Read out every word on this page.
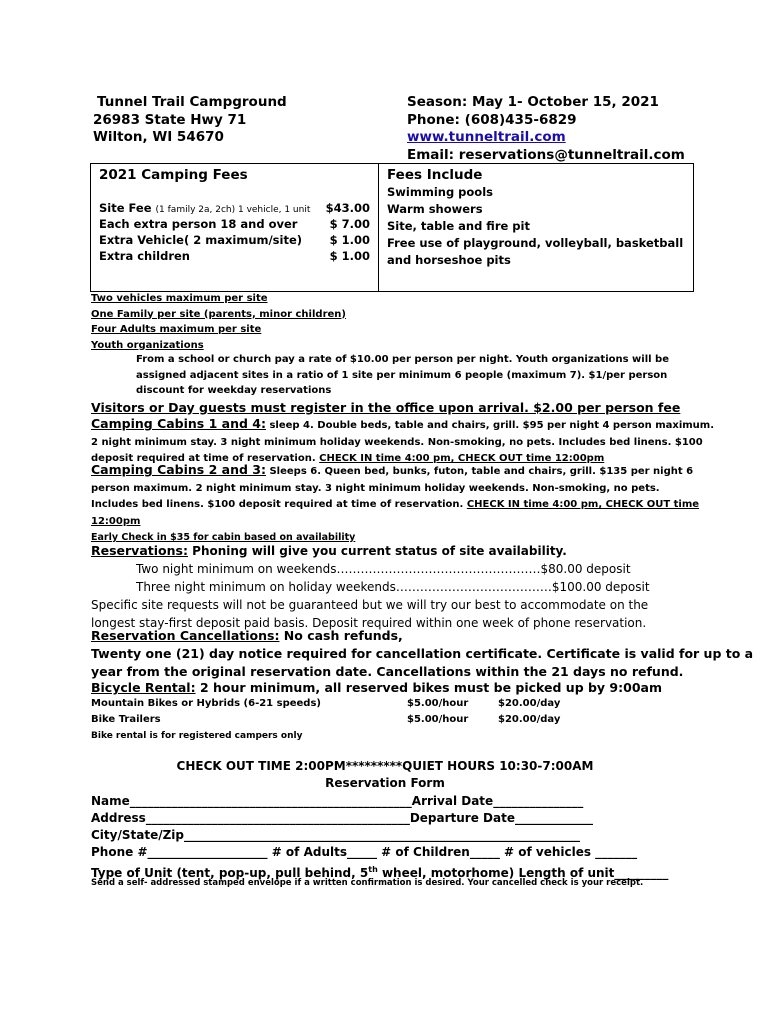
Tunnel Trail Campground
26983 State Hwy 71
Wilton, WI 54670
Season: May 1- October 15, 2021
Phone: (608)435-6829
www.tunneltrail.com
Email: reservations@tunneltrail.com
2021 Camping Fees
Site Fee (1 family 2a, 2ch) 1 vehicle, 1 unit $43.00
Each extra person 18 and over	$ 7.00
Extra Vehicle( 2 maximum/site) $ 1.00
Extra children	$ 1.00
Fees Include
Swimming pools
Warm showers
Site, table and fire pit
Free use of playground, volleyball, basketball
and horseshoe pits
Two vehicles maximum per site
One Family per site (parents, minor children)
Four Adults maximum per site
Youth organizations
From a school or church pay a rate of $10.00 per person per night. Youth organizations will be
assigned adjacent sites in a ratio of 1 site per minimum 6 people (maximum 7). $1/per person
discount for weekday reservations
Visitors or Day guests must register in the office upon arrival. $2.00 per person fee
Camping Cabins 1 and 4: sleep 4. Double beds, table and chairs, grill. $95 per night 4 person maximum.
2 night minimum stay. 3 night minimum holiday weekends. Non-smoking, no pets. Includes bed linens. $100
deposit required at time of reservation. CHECK IN time 4:00 pm, CHECK OUT time 12:00pm
Camping Cabins 2 and 3: Sleeps 6. Queen bed, bunks, futon, table and chairs, grill. $135 per night 6
person maximum. 2 night minimum stay. 3 night minimum holiday weekends. Non-smoking, no pets.
Includes bed linens. $100 deposit required at time of reservation. CHECK IN time 4:00 pm, CHECK OUT time
12:00pm
Early Check in $35 for cabin based on availability
Reservations: Phoning will give you current status of site availability.
Two night minimum on weekends……………………………………………$80.00 deposit
Three night minimum on holiday weekends…………………………………$100.00 deposit
Specific site requests will not be guaranteed but we will try our best to accommodate on the
longest stay-first deposit paid basis. Deposit required within one week of phone reservation.
Reservation Cancellations: No cash refunds,
Twenty one (21) day notice required for cancellation certificate. Certificate is valid for up to a
year from the original reservation date. Cancellations within the 21 days no refund.
Bicycle Rental: 2 hour minimum, all reserved bikes must be picked up by 9:00am
Mountain Bikes or Hybrids (6-21 speeds)	$5.00/hour	$20.00/day
Bike Trailers	$5.00/hour	$20.00/day
Bike rental is for registered campers only
CHECK OUT TIME 2:00PM*********QUIET HOURS 10:30-7:00AM
Reservation Form
Name_______________________________________________Arrival Date_______________
Address____________________________________________Departure Date_____________
City/State/Zip__________________________________________________________________
Phone #____________________ # of Adults_____ # of Children_____ # of vehicles _______
Type of Unit (tent, pop-up, pull behind, 5th wheel, motorhome) Length of unit_________
Send a self- addressed stamped envelope if a written confirmation is desired. Your cancelled check is your receipt.
